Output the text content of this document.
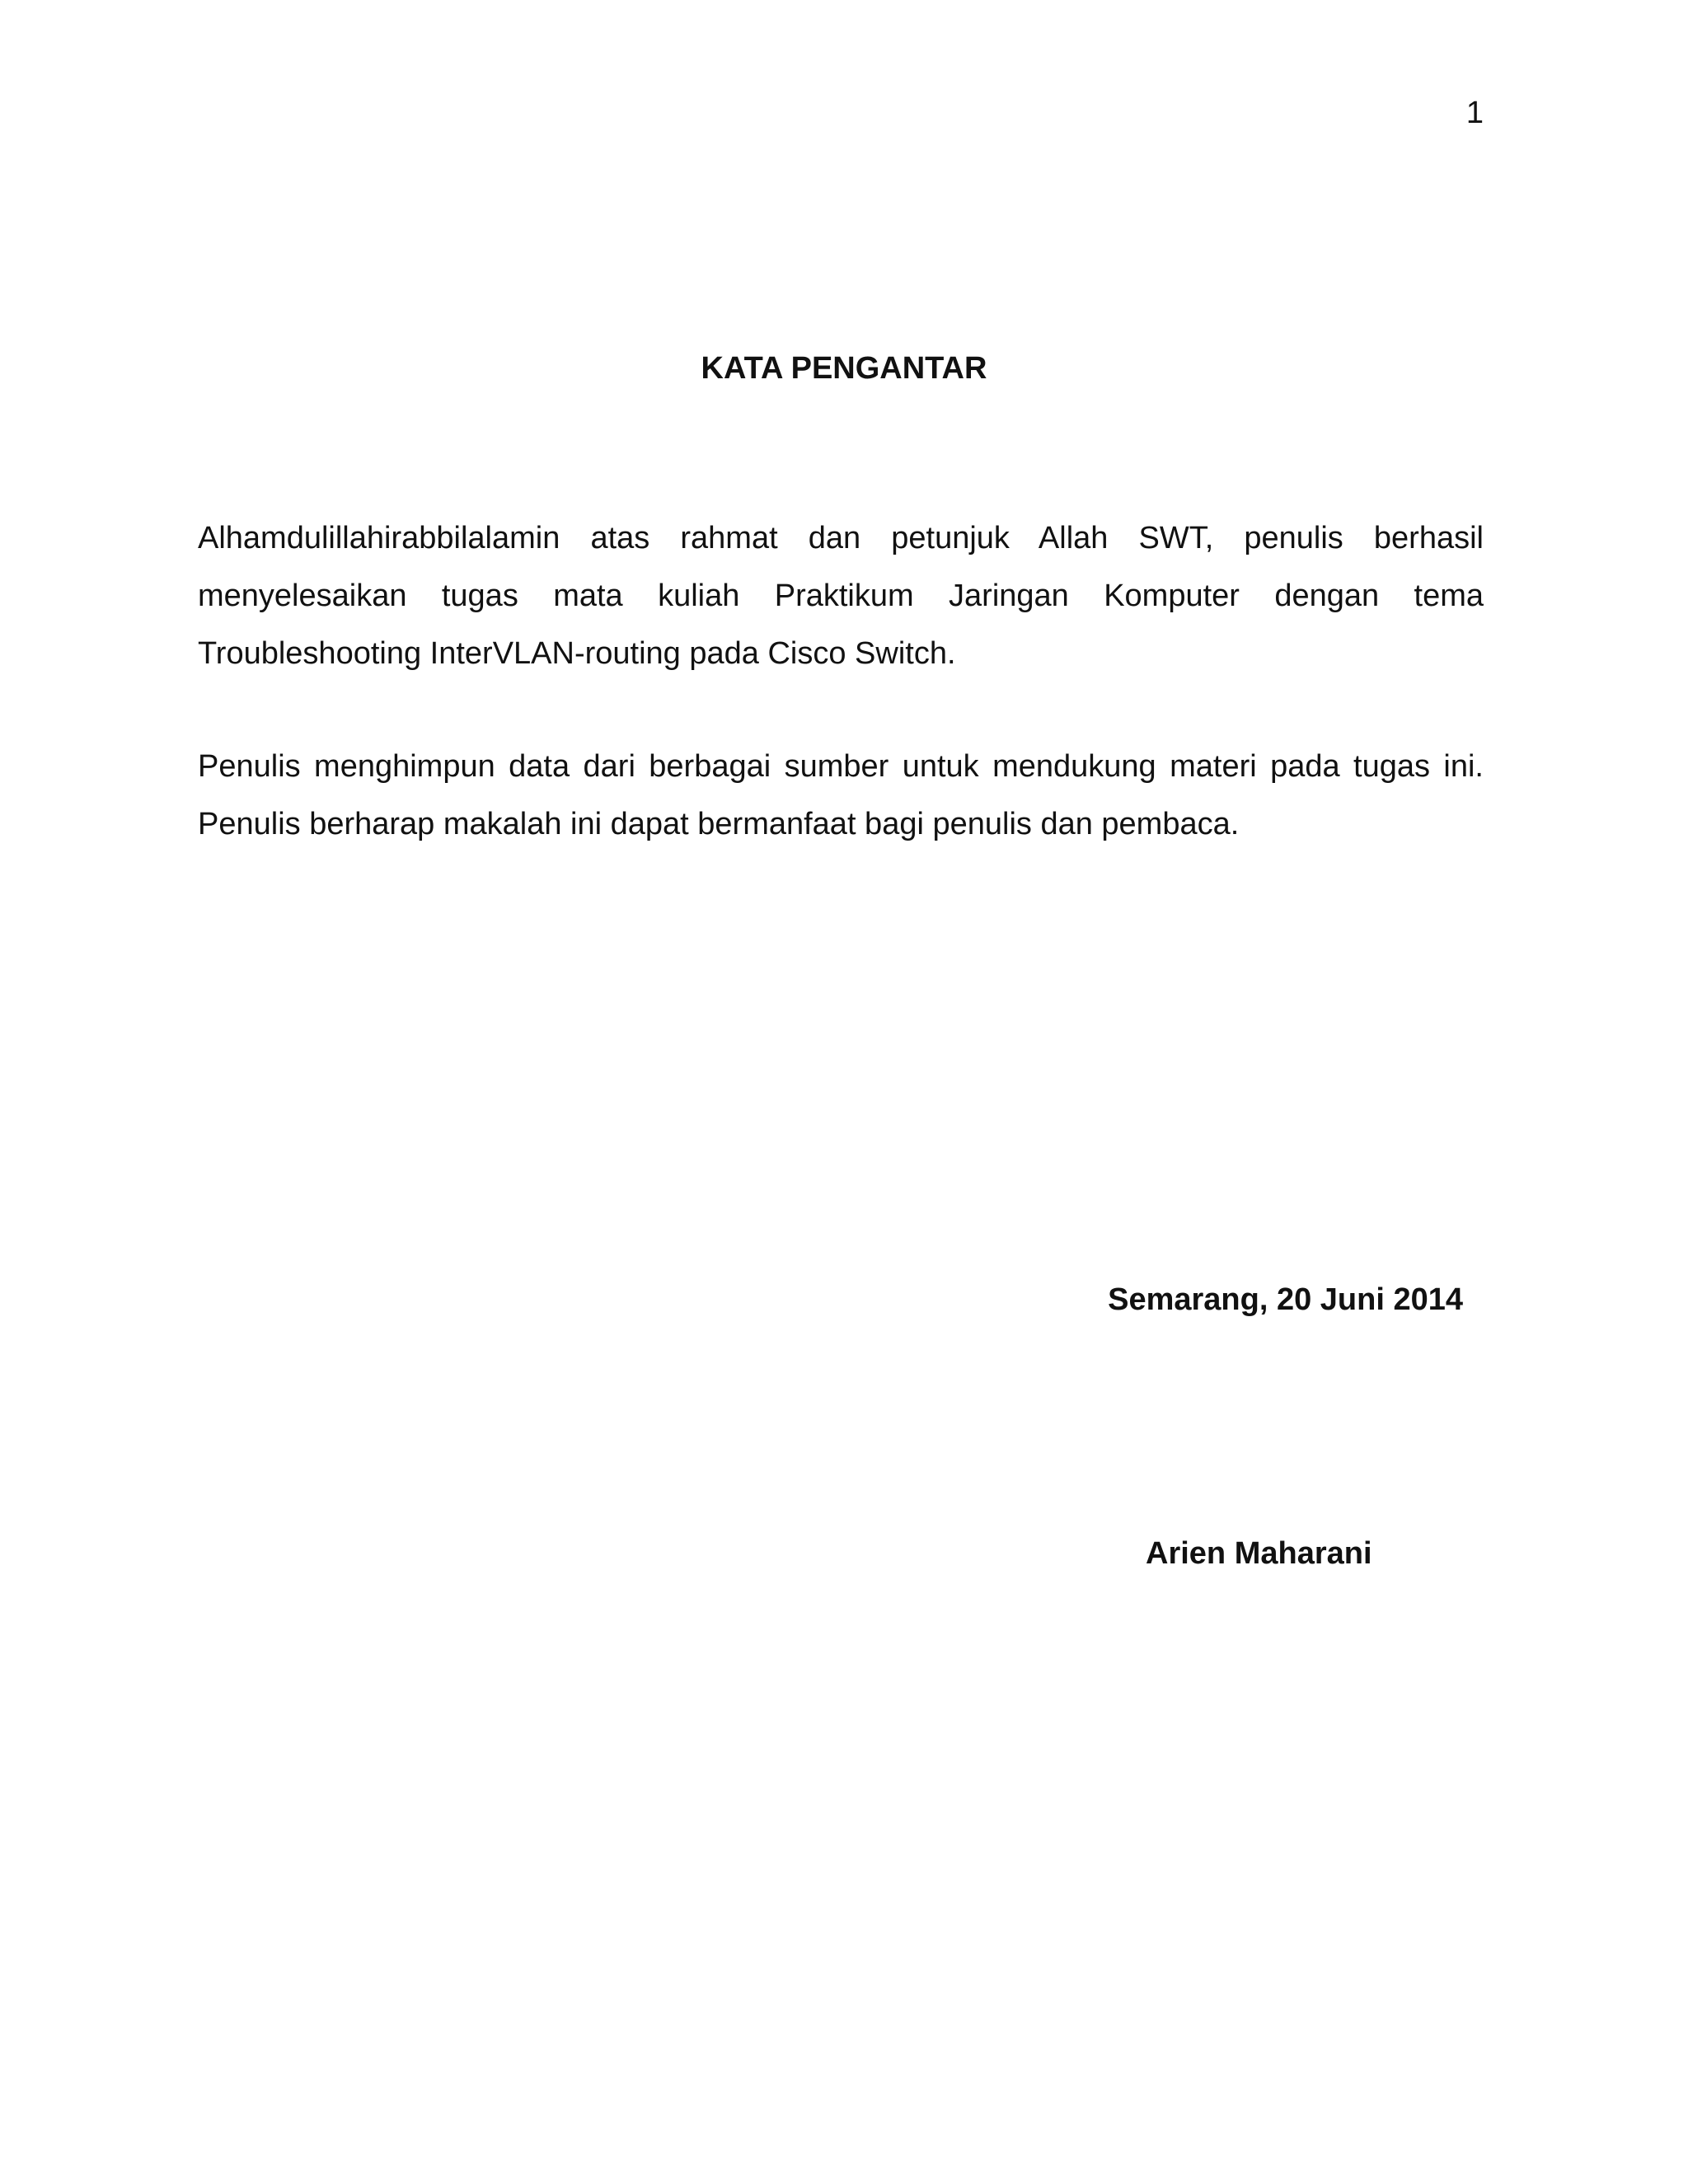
1
KATA PENGANTAR

Alhamdulillahirabbilalamin atas rahmat dan petunjuk Allah SWT, penulis berhasil menyelesaikan tugas mata kuliah Praktikum Jaringan Komputer dengan tema Troubleshooting InterVLAN-routing pada Cisco Switch.

Penulis menghimpun data dari berbagai sumber untuk mendukung materi pada tugas ini. Penulis berharap makalah ini dapat bermanfaat bagi penulis dan pembaca.

Semarang, 20 Juni 2014
Arien Maharani
